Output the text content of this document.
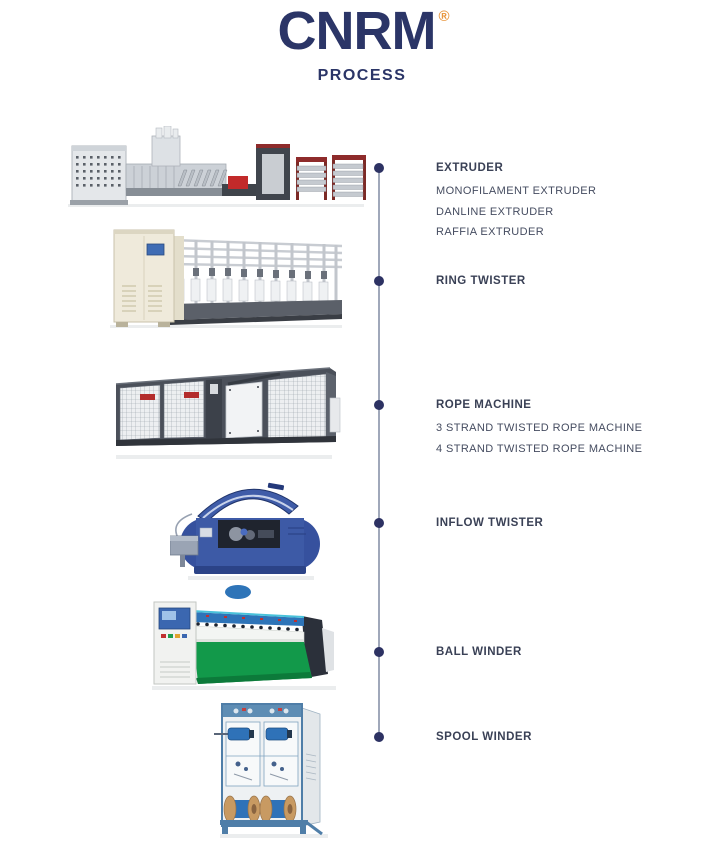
CNRM ®
PROCESS
EXTRUDER
MONOFILAMENT EXTRUDER
DANLINE EXTRUDER
RAFFIA EXTRUDER
RING TWISTER
ROPE MACHINE
3 STRAND TWISTED ROPE MACHINE
4 STRAND TWISTED ROPE MACHINE
INFLOW TWISTER
BALL WINDER
SPOOL WINDER
